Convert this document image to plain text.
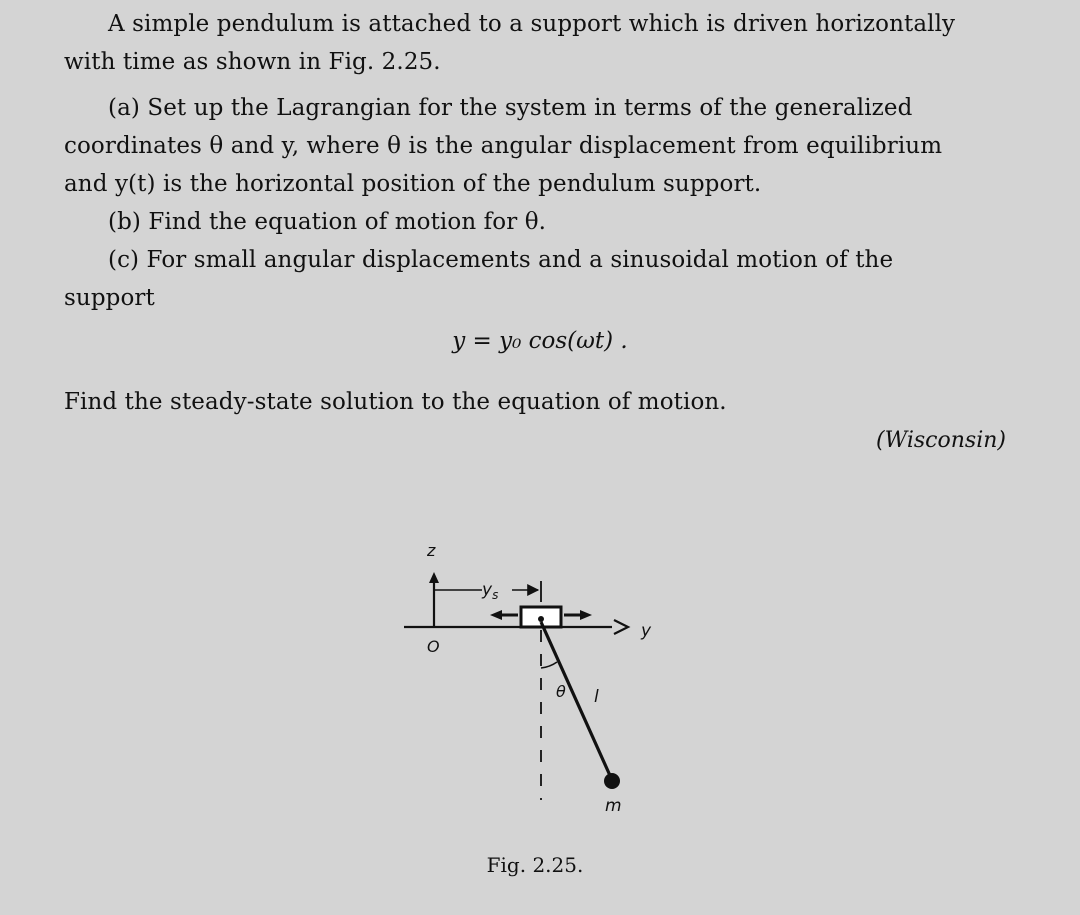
A simple pendulum is attached to a support which is driven horizontally
with time as shown in Fig. 2.25.
(a) Set up the Lagrangian for the system in terms of the generalized
coordinates θ and y, where θ is the angular displacement from equilibrium
and y(t) is the horizontal position of the pendulum support.
(b) Find the equation of motion for θ.
(c) For small angular displacements and a sinusoidal motion of the
support
y = y₀ cos(ωt) .
Find the steady-state solution to the equation of motion.
(Wisconsin)
z
$y_s$
O
y
θ l
m
Fig. 2.25.
